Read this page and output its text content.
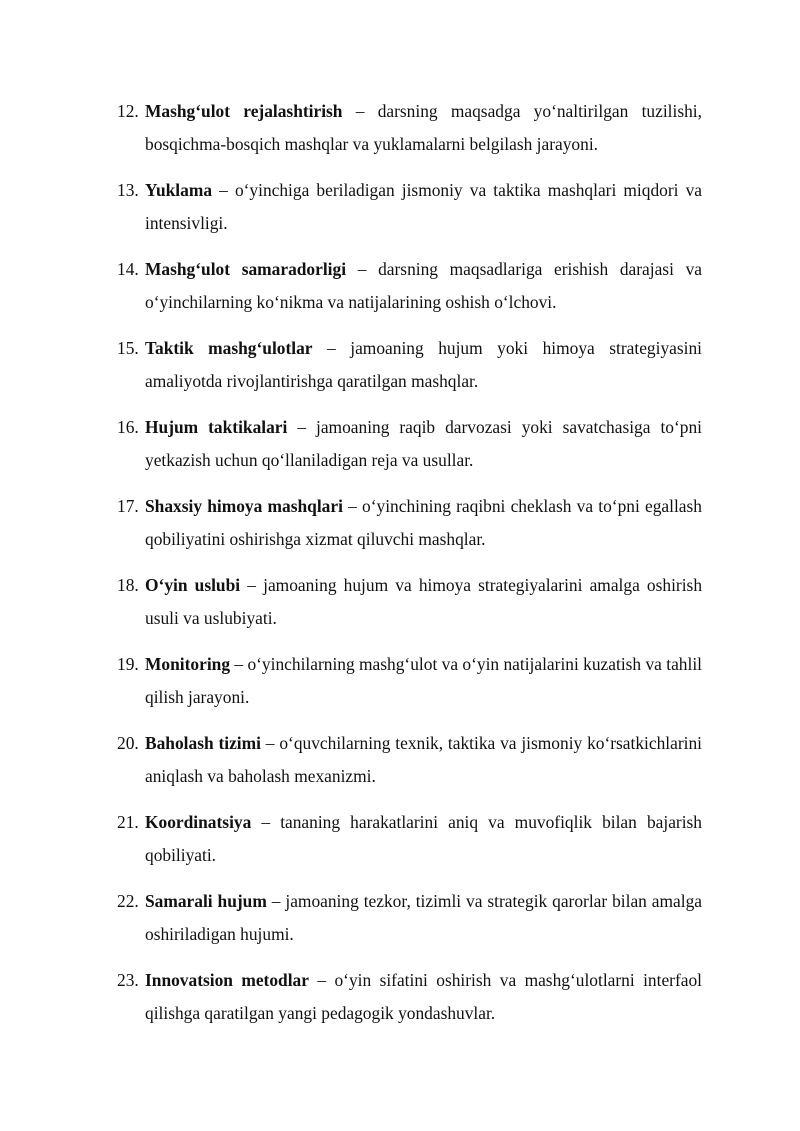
12. Mashg‘ulot rejalashtirish – darsning maqsadga yo‘naltirilgan tuzilishi, bosqichma-bosqich mashqlar va yuklamalarni belgilash jarayoni.
13. Yuklama – o‘yinchiga beriladigan jismoniy va taktika mashqlari miqdori va intensivligi.
14. Mashg‘ulot samaradorligi – darsning maqsadlariga erishish darajasi va o‘yinchilarning ko‘nikma va natijalarining oshish o‘lchovi.
15. Taktik mashg‘ulotlar – jamoaning hujum yoki himoya strategiyasini amaliyotda rivojlantirishga qaratilgan mashqlar.
16. Hujum taktikalari – jamoaning raqib darvozasi yoki savatchasiga to‘pni yetkazish uchun qo‘llaniladigan reja va usullar.
17. Shaxsiy himoya mashqlari – o‘yinchining raqibni cheklash va to‘pni egallash qobiliyatini oshirishga xizmat qiluvchi mashqlar.
18. O‘yin uslubi – jamoaning hujum va himoya strategiyalarini amalga oshirish usuli va uslubiyati.
19. Monitoring – o‘yinchilarning mashg‘ulot va o‘yin natijalarini kuzatish va tahlil qilish jarayoni.
20. Baholash tizimi – o‘quvchilarning texnik, taktika va jismoniy ko‘rsatkichlarini aniqlash va baholash mexanizmi.
21. Koordinatsiya – tananing harakatlarini aniq va muvofiqlik bilan bajarish qobiliyati.
22. Samarali hujum – jamoaning tezkor, tizimli va strategik qarorlar bilan amalga oshiriladigan hujumi.
23. Innovatsion metodlar – o‘yin sifatini oshirish va mashg‘ulotlarni interfaol qilishga qaratilgan yangi pedagogik yondashuvlar.
